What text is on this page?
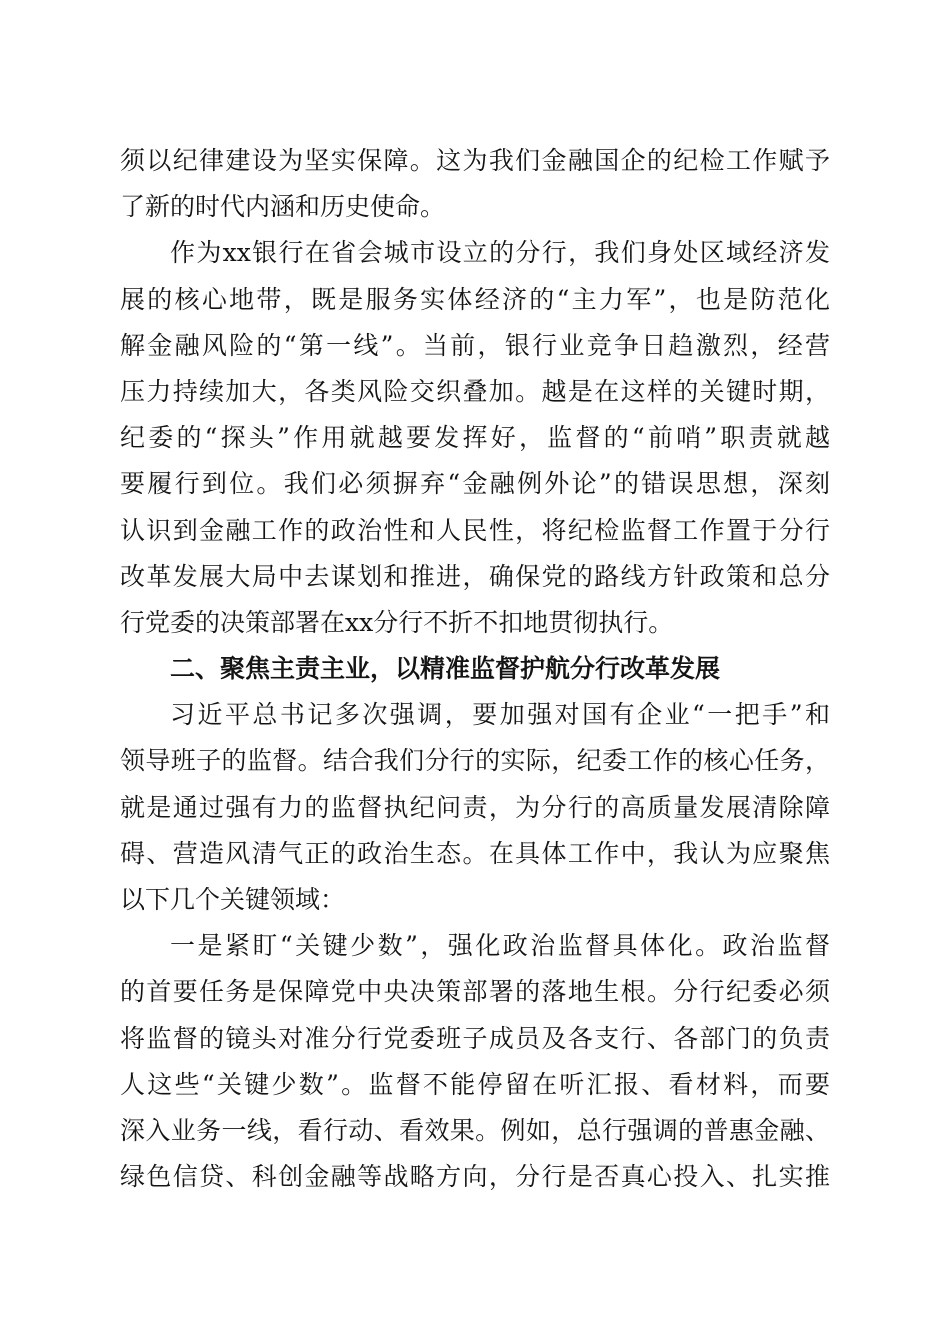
须以纪律建设为坚实保障。这为我们金融国企的纪检工作赋予
了新的时代内涵和历史使命。
作为xx银行在省会城市设立的分行，我们身处区域经济发
展的核心地带，既是服务实体经济的“主力军”，也是防范化
解金融风险的“第一线”。当前，银行业竞争日趋激烈，经营
压力持续加大，各类风险交织叠加。越是在这样的关键时期，
纪委的“探头”作用就越要发挥好，监督的“前哨”职责就越
要履行到位。我们必须摒弃“金融例外论”的错误思想，深刻
认识到金融工作的政治性和人民性，将纪检监督工作置于分行
改革发展大局中去谋划和推进，确保党的路线方针政策和总分
行党委的决策部署在xx分行不折不扣地贯彻执行。
二、聚焦主责主业，以精准监督护航分行改革发展
习近平总书记多次强调，要加强对国有企业“一把手”和
领导班子的监督。结合我们分行的实际，纪委工作的核心任务，
就是通过强有力的监督执纪问责，为分行的高质量发展清除障
碍、营造风清气正的政治生态。在具体工作中，我认为应聚焦
以下几个关键领域：
一是紧盯“关键少数”，强化政治监督具体化。政治监督
的首要任务是保障党中央决策部署的落地生根。分行纪委必须
将监督的镜头对准分行党委班子成员及各支行、各部门的负责
人这些“关键少数”。监督不能停留在听汇报、看材料，而要
深入业务一线，看行动、看效果。例如，总行强调的普惠金融、
绿色信贷、科创金融等战略方向，分行是否真心投入、扎实推
